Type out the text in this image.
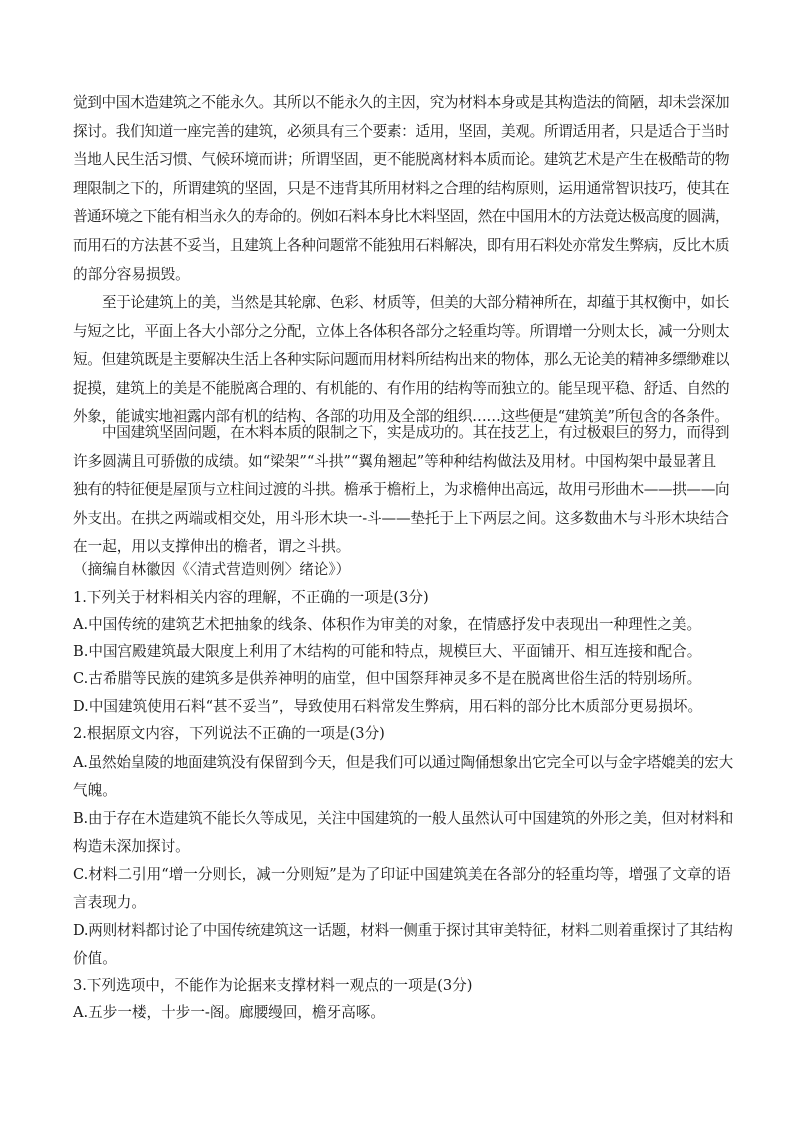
觉到中国木造建筑之不能永久。其所以不能永久的主因，究为材料本身或是其构造法的简陋，却未尝深加
探讨。我们知道一座完善的建筑，必须具有三个要素：适用，坚固，美观。所谓适用者，只是适合于当时
当地人民生活习惯、气候环境而讲；所谓坚固，更不能脱离材料本质而论。建筑艺术是产生在极酷苛的物
理限制之下的，所谓建筑的坚固，只是不违背其所用材料之合理的结构原则，运用通常智识技巧，使其在
普通环境之下能有相当永久的寿命的。例如石料本身比木料坚固，然在中国用木的方法竟达极高度的圆满，
而用石的方法甚不妥当，且建筑上各种问题常不能独用石料解决，即有用石料处亦常发生弊病，反比木质
的部分容易损毁。
至于论建筑上的美，当然是其轮廓、色彩、材质等，但美的大部分精神所在，却蕴于其权衡中，如长
与短之比，平面上各大小部分之分配，立体上各体积各部分之轻重均等。所谓增一分则太长，减一分则太
短。但建筑既是主要解决生活上各种实际问题而用材料所结构出来的物体，那么无论美的精神多缥缈难以
捉摸，建筑上的美是不能脱离合理的、有机能的、有作用的结构等而独立的。能呈现平稳、舒适、自然的
外象，能诚实地袒露内部有机的结构、各部的功用及全部的组织……这些便是“建筑美”所包含的各条件。
中国建筑坚固问题，在木料本质的限制之下，实是成功的。其在技艺上，有过极艰巨的努力，而得到
许多圆满且可骄傲的成绩。如“梁架”“斗拱”“翼角翘起”等种种结构做法及用材。中国构架中最显著且
独有的特征便是屋顶与立柱间过渡的斗拱。檐承于檐桁上，为求檐伸出高远，故用弓形曲木——拱——向
外支出。在拱之两端或相交处，用斗形木块一-斗——垫托于上下两层之间。这多数曲木与斗形木块结合
在一起，用以支撑伸出的檐者，谓之斗拱。
（摘编自林徽因《〈清式营造则例〉绪论》）
1.下列关于材料相关内容的理解，不正确的一项是(3分)
A.中国传统的建筑艺术把抽象的线条、体积作为审美的对象，在情感抒发中表现出一种理性之美。
B.中国宫殿建筑最大限度上利用了木结构的可能和特点，规模巨大、平面铺开、相互连接和配合。
C.古希腊等民族的建筑多是供养神明的庙堂，但中国祭拜神灵多不是在脱离世俗生活的特别场所。
D.中国建筑使用石料“甚不妥当”，导致使用石料常发生弊病，用石料的部分比木质部分更易损坏。
2.根据原文内容，下列说法不正确的一项是(3分)
A.虽然始皇陵的地面建筑没有保留到今天，但是我们可以通过陶俑想象出它完全可以与金字塔媲美的宏大
气魄。
B.由于存在木造建筑不能长久等成见，关注中国建筑的一般人虽然认可中国建筑的外形之美，但对材料和
构造未深加探讨。
C.材料二引用“增一分则长，减一分则短”是为了印证中国建筑美在各部分的轻重均等，增强了文章的语
言表现力。
D.两则材料都讨论了中国传统建筑这一话题，材料一侧重于探讨其审美特征，材料二则着重探讨了其结构
价值。
3.下列选项中，不能作为论据来支撑材料一观点的一项是(3分)
A.五步一楼，十步一-阁。廊腰缦回，檐牙高啄。
